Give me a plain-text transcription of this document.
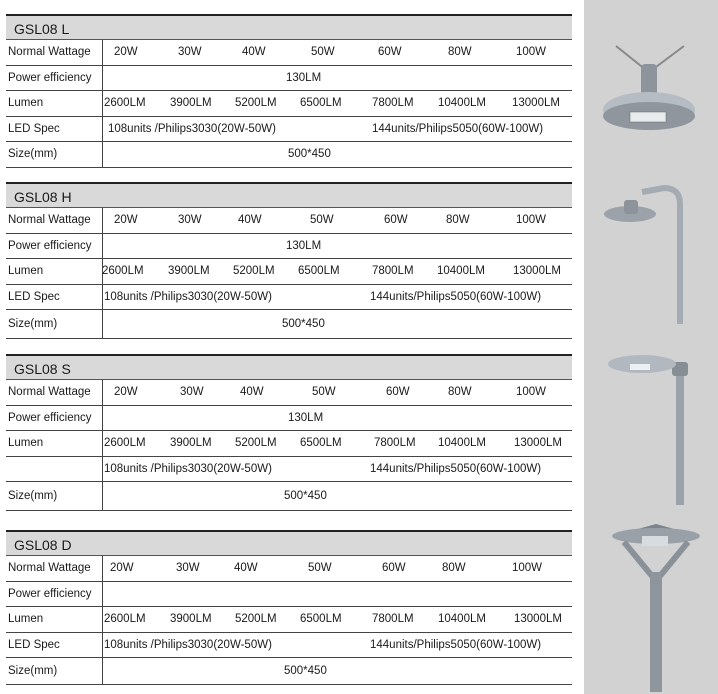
GSL08 L
Normal Wattage	20W	30W	40W	50W	60W	80W	100W
Power efficiency	130LM
Lumen	2600LM 3900LM 5200LM 6500LM	7800LM 10400LM 13000LM
LED Spec	108units /Philips3030(20W-50W)	144units/Philips5050(60W-100W)
Size(mm)	500*450
GSL08 H
Normal Wattage	20W	30W	40W	50W	60W	80W	100W
Power efficiency	130LM
Lumen	2600LM 3900LM 5200LM 6500LM	7800LM 10400LM 13000LM
LED Spec	108units /Philips3030(20W-50W)	144units/Philips5050(60W-100W)
Size(mm)	500*450
GSL08 S
Normal Wattage	20W	30W	40W	50W	60W	80W	100W
Power efficiency	130LM
Lumen	2600LM 3900LM 5200LM 6500LM	7800LM 10400LM 13000LM
108units /Philips3030(20W-50W)	144units/Philips5050(60W-100W)
Size(mm)	500*450
GSL08 D
Normal Wattage	20W	30W	40W	50W	60W	80W	100W
Power efficiency
Lumen	2600LM 3900LM 5200LM 6500LM	7800LM 10400LM 13000LM
LED Spec	108units /Philips3030(20W-50W)	144units/Philips5050(60W-100W)
Size(mm)	500*450
